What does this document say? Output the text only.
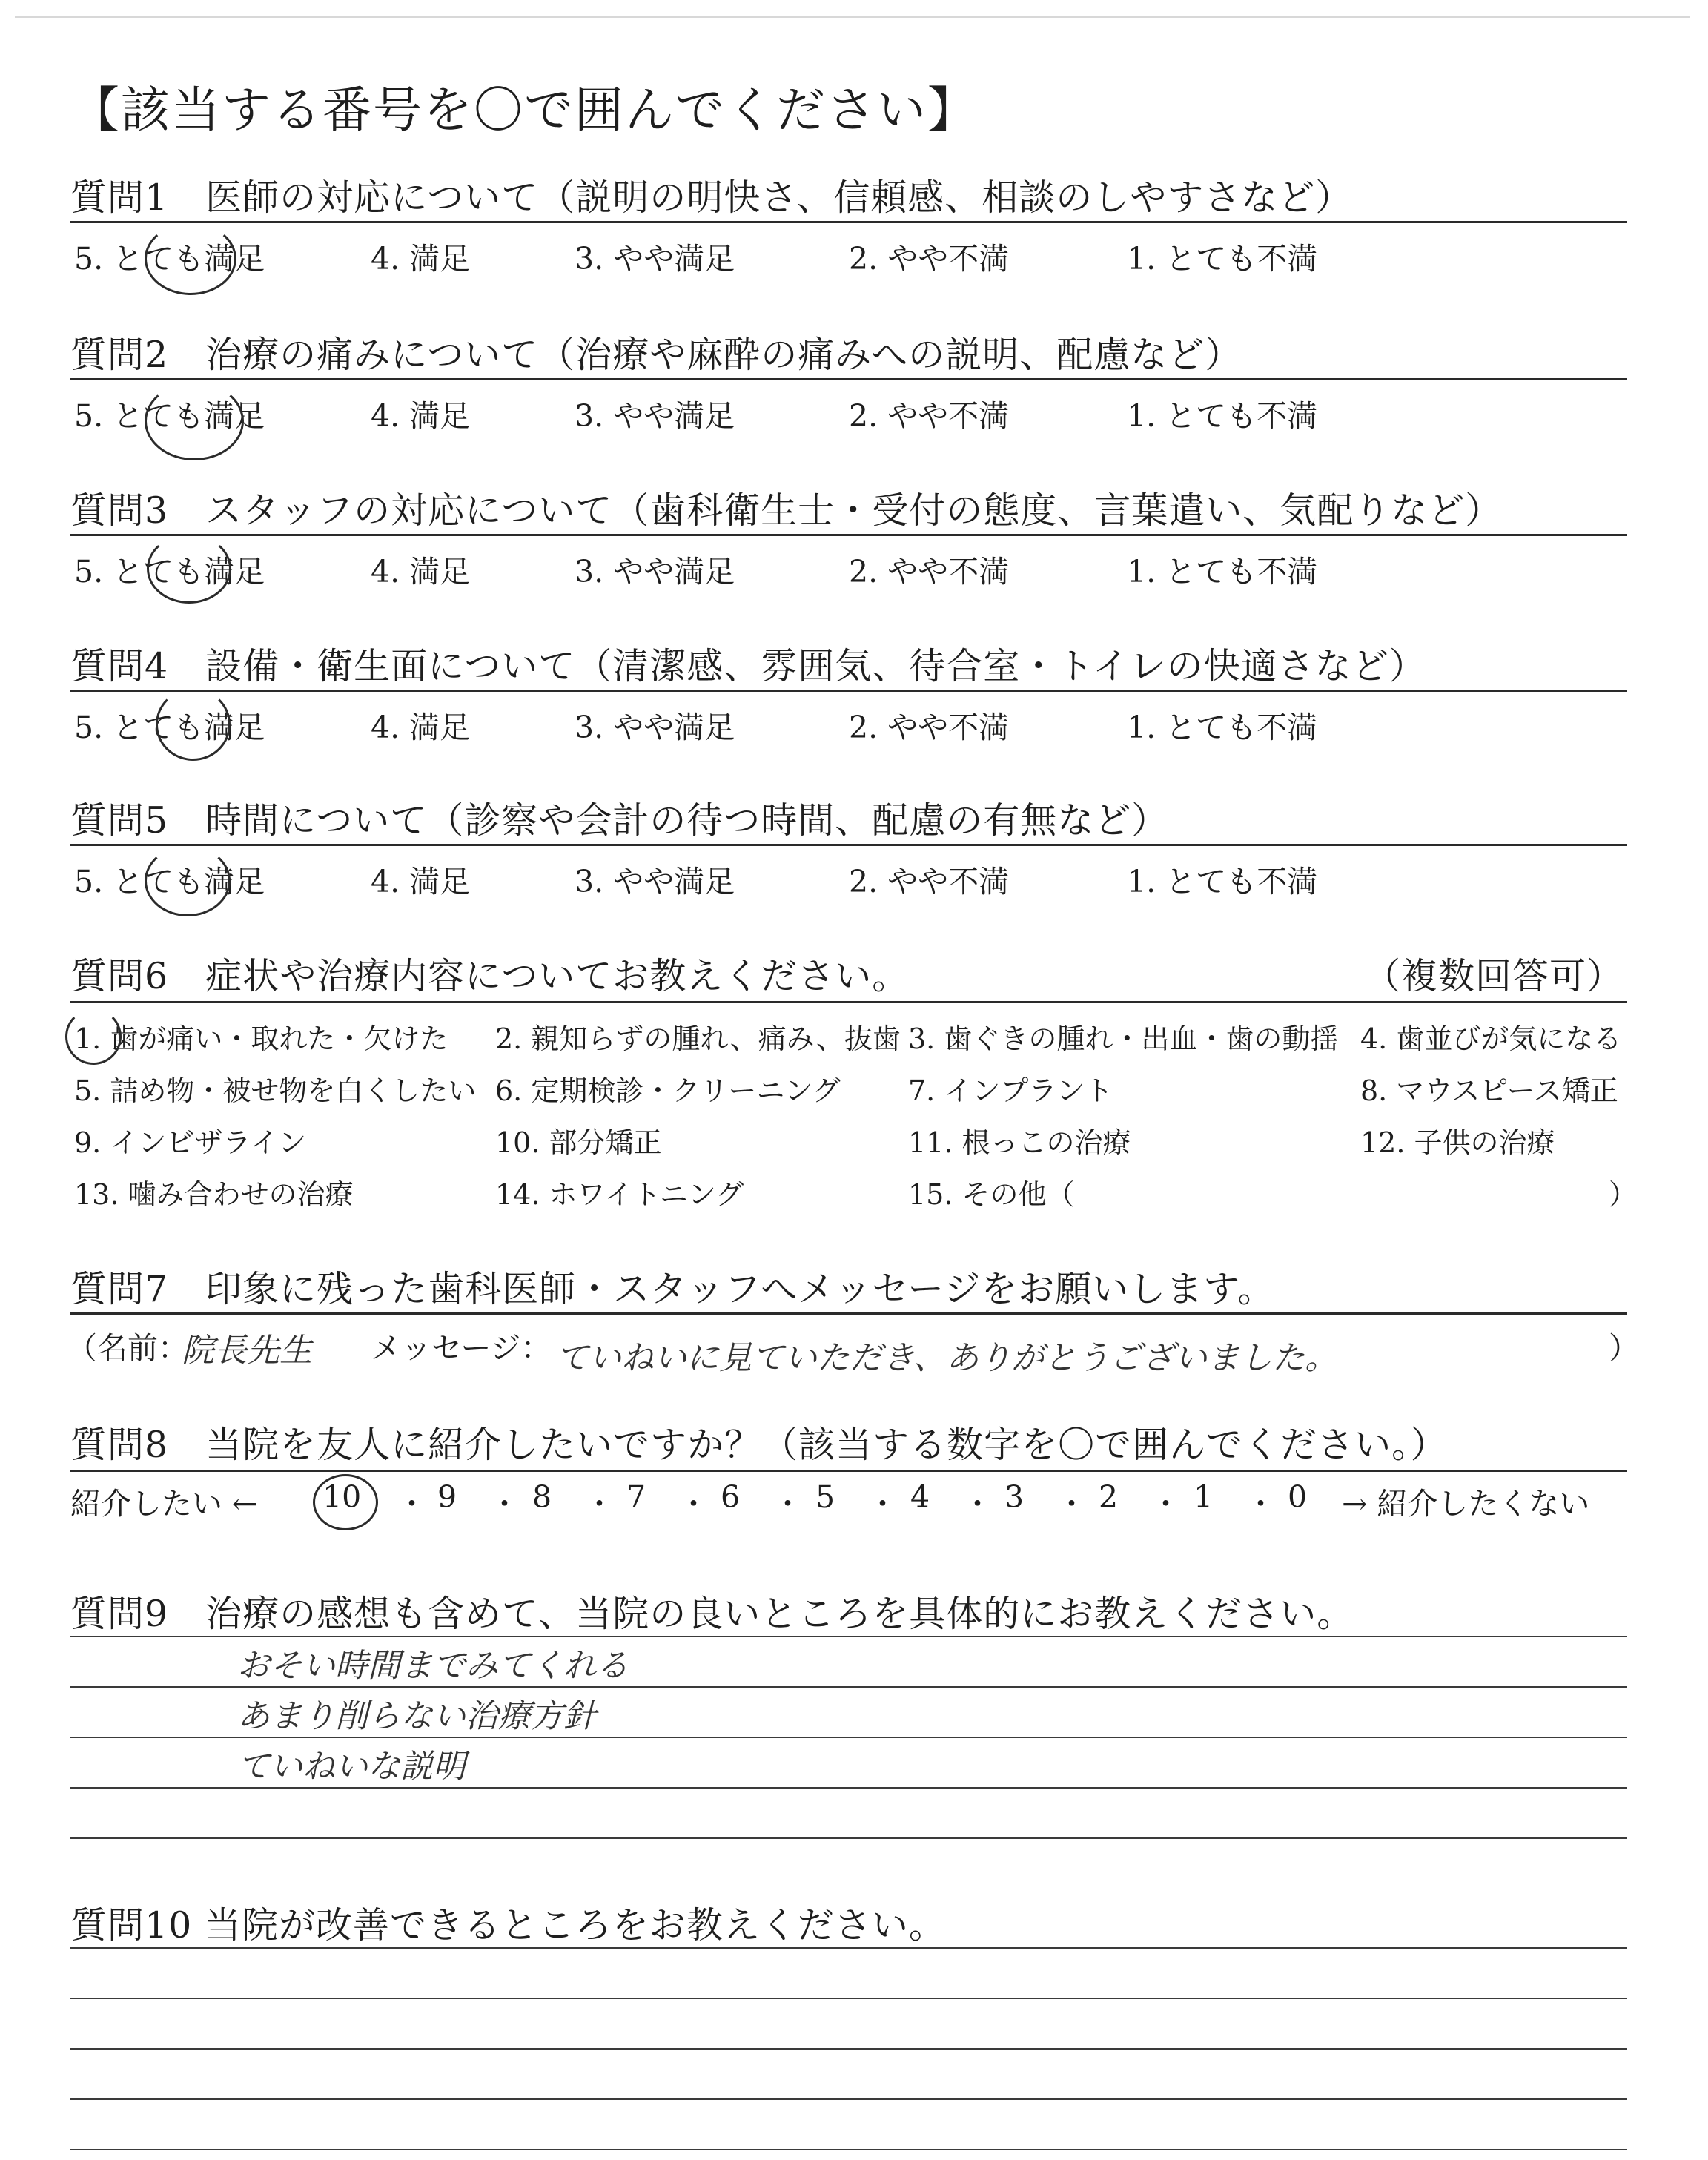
【該当する番号を〇で囲んでください】
質問1　医師の対応について（説明の明快さ、信頼感、相談のしやすさなど）
5. とても満足	4. 満足	3. やや満足	2. やや不満	1. とても不満
質問2　治療の痛みについて（治療や麻酔の痛みへの説明、配慮など）
5. とても満足	4. 満足	3. やや満足	2. やや不満	1. とても不満
質問3　スタッフの対応について（歯科衛生士・受付の態度、言葉遣い、気配りなど）
5. とても満足	4. 満足	3. やや満足	2. やや不満	1. とても不満
質問4　設備・衛生面について（清潔感、雰囲気、待合室・トイレの快適さなど）
5. とても満足	4. 満足	3. やや満足	2. やや不満	1. とても不満
質問5　時間について（診察や会計の待つ時間、配慮の有無など）
5. とても満足	4. 満足	3. やや満足	2. やや不満	1. とても不満
質問6　症状や治療内容についてお教えください。	（複数回答可）
1. 歯が痛い・取れた・欠けた 2. 親知らずの腫れ、痛み、抜歯 3. 歯ぐきの腫れ・出血・歯の動揺 4. 歯並びが気になる
5. 詰め物・被せ物を白くしたい 6. 定期検診・クリーニング 7. インプラント	8. マウスピース矯正
9. インビザライン	10. 部分矯正	11. 根っこの治療	12. 子供の治療
13. 噛み合わせの治療	14. ホワイトニング	15. その他（	）
質問7　印象に残った歯科医師・スタッフへメッセージをお願いします。
（名前：
院長先生 メッセージ： ていねいに見ていただき、ありがとうございました。	）
質問8　当院を友人に紹介したいですか？（該当する数字を〇で囲んでください。）
紹介したい ← 10 ・ 9 ・ 8 ・ 7 ・ 6 ・ 5 ・ 4 ・ 3 ・ 2 ・ 1 ・ 0 → 紹介したくない
質問9　治療の感想も含めて、当院の良いところを具体的にお教えください。
おそい時間までみてくれる
あまり削らない治療方針
ていねいな説明
質問10 当院が改善できるところをお教えください。
